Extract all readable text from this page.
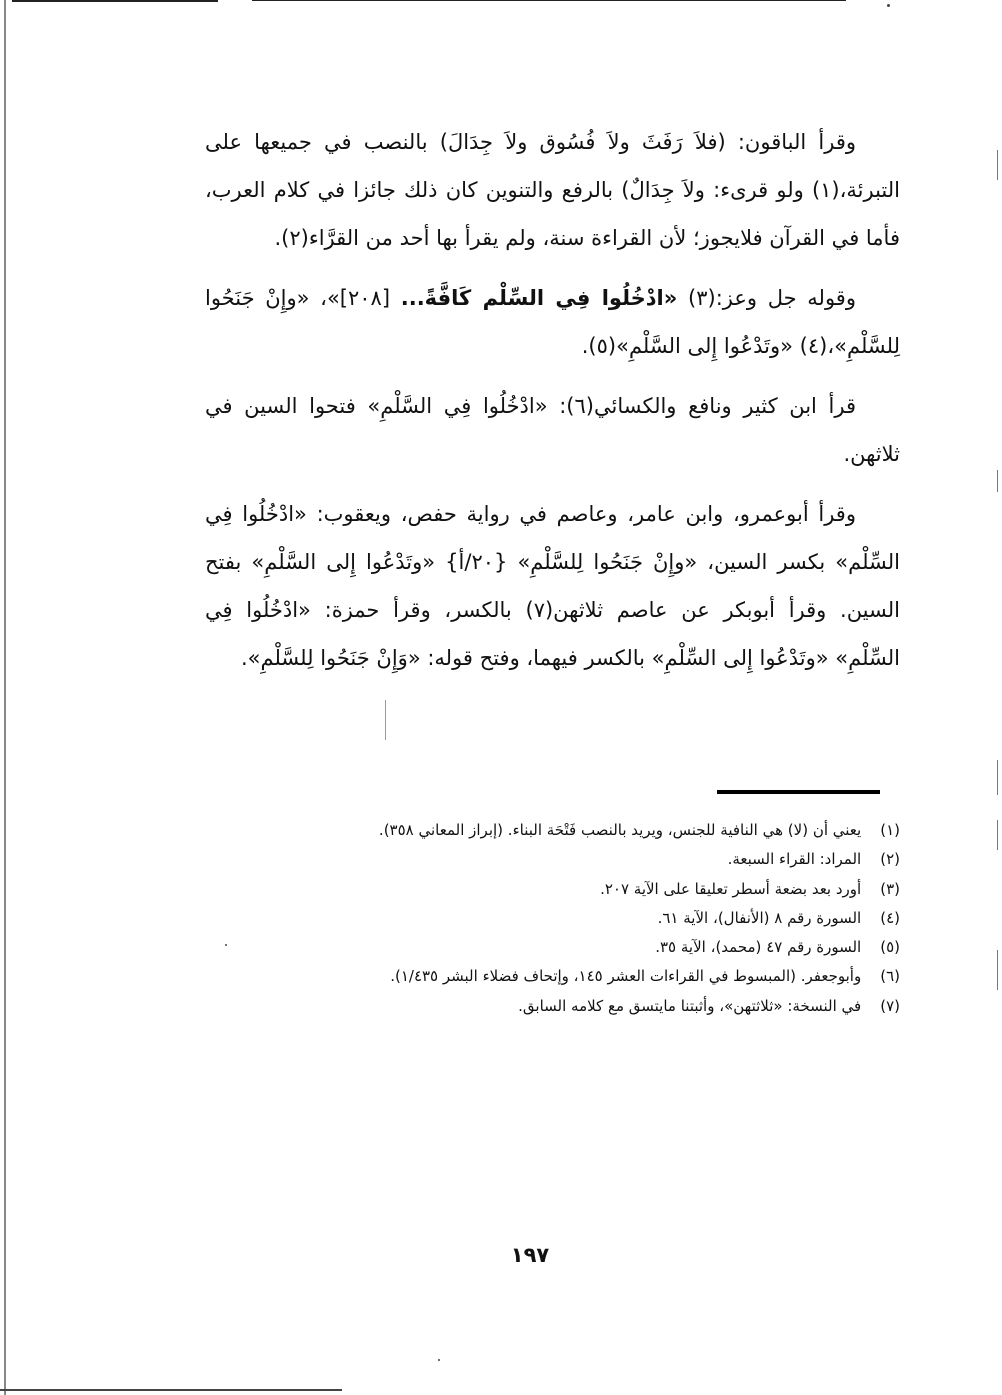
وقرأ الباقون: (فلاَ رَفَثَ ولاَ فُسُوق ولاَ جِدَالَ) بالنصب في جميعها على التبرئة،(١) ولو قرىء: ولاَ جِدَالٌ) بالرفع والتنوين كان ذلك جائزا في كلام العرب، فأما في القرآن فلايجوز؛ لأن القراءة سنة، ولم يقرأ بها أحد من القرَّاء(٢).

وقوله جل وعز:(٣) «ادْخُلُوا فِي السِّلْم كَافَّةً... [٢٠٨]»، «وإِنْ جَنَحُوا لِلسَّلْمِ»،(٤) «وتَدْعُوا إِلى السَّلْمِ»(٥).

قرأ ابن كثير ونافع والكسائي(٦): «ادْخُلُوا فِي السَّلْمِ» فتحوا السين في ثلاثهن.

وقرأ أبوعمرو، وابن عامر، وعاصم في رواية حفص، ويعقوب: «ادْخُلُوا فِي السِّلْم» بكسر السين، «وإِنْ جَنَحُوا لِلسَّلْمِ» {٢٠/أ} «وتَدْعُوا إِلى السَّلْمِ» بفتح السين. وقرأ أبوبكر عن عاصم ثلاثهن(٧) بالكسر، وقرأ حمزة: «ادْخُلُوا فِي السِّلْمِ» «وتَدْعُوا إِلى السِّلْمِ» بالكسر فيهما، وفتح قوله: «وَإِنْ جَنَحُوا لِلسَّلْمِ».

(١) يعني أن (لا) هي النافية للجنس، ويريد بالنصب فَتْحَة البناء. (إبراز المعاني ٣٥٨).

(٢) المراد: القراء السبعة.

(٣) أورد بعد بضعة أسطر تعليقا على الآية ٢٠٧.

(٤) السورة رقم ٨ (الأنفال)، الآية ٦١.

(٥) السورة رقم ٤٧ (محمد)، الآية ٣٥.

(٦) وأبوجعفر. (المبسوط في القراءات العشر ١٤٥، وإتحاف فضلاء البشر ١/٤٣٥).

(٧) في النسخة: «ثلاثتهن»، وأثبتنا مايتسق مع كلامه السابق.

١٩٧
